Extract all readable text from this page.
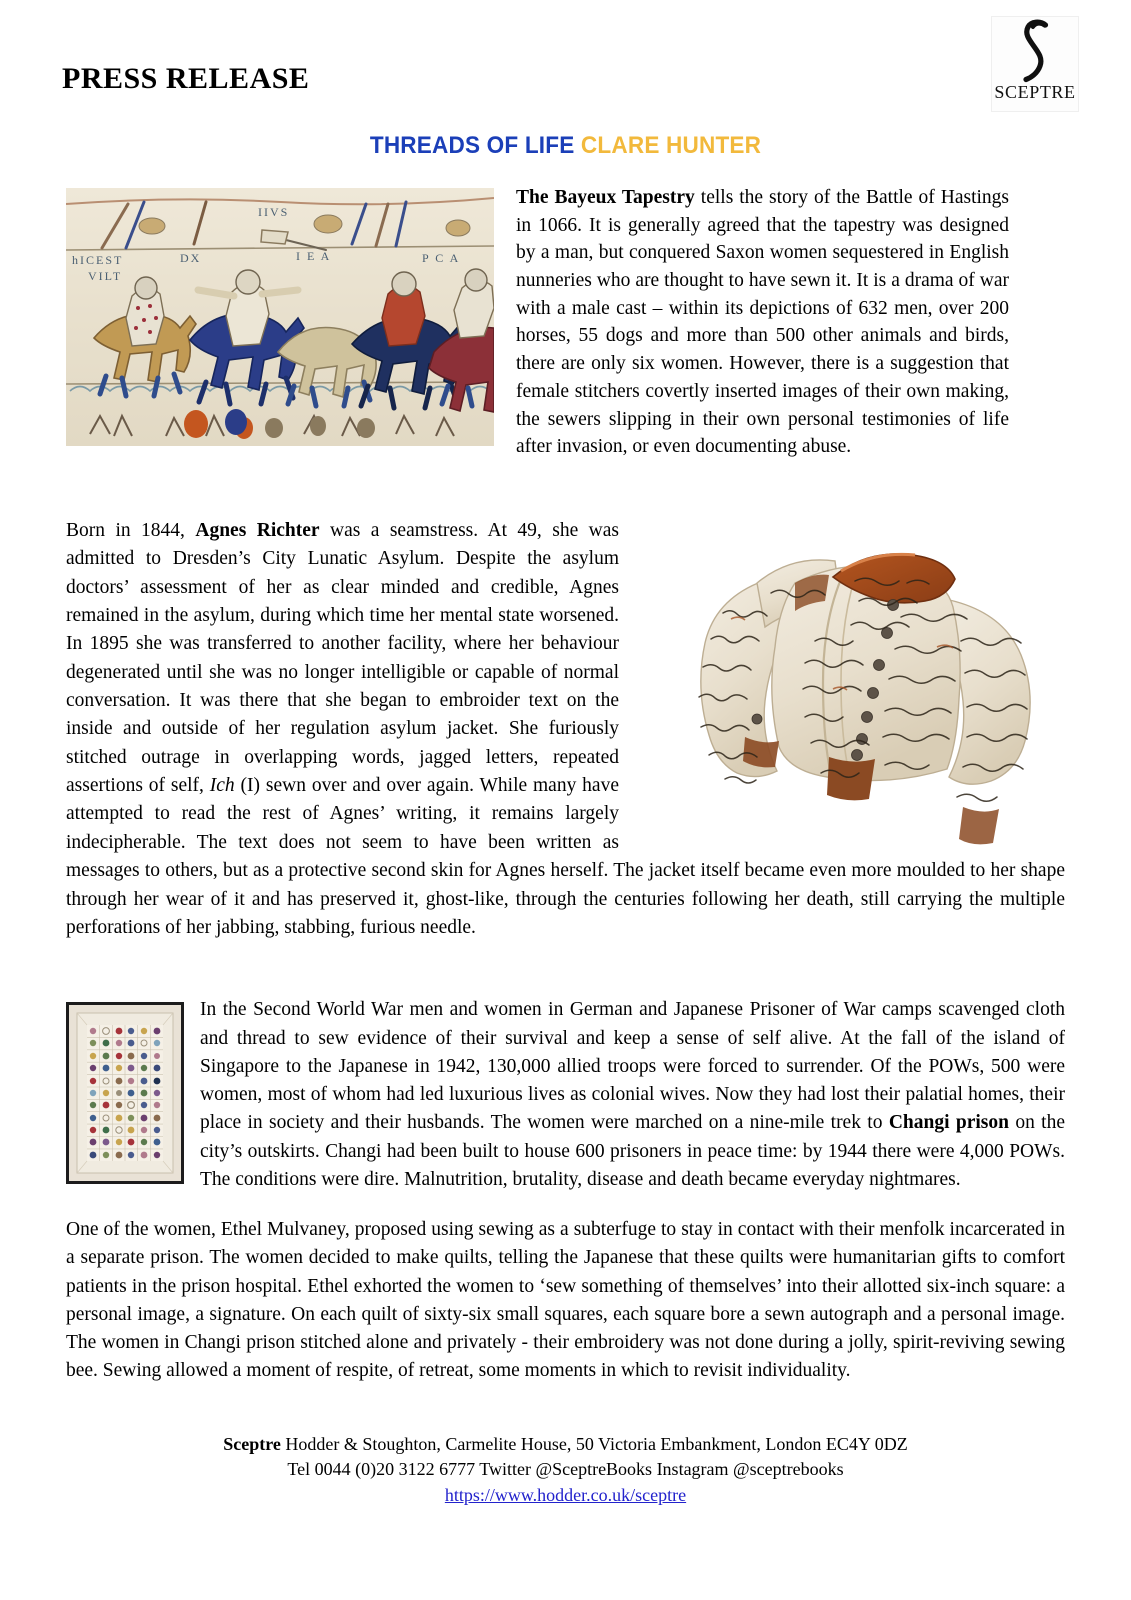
PRESS RELEASE	SCEPTRE
THREADS OF LIFE CLARE HUNTER
IIVS
hICEST
VILT
DX	I E A	P C A

The Bayeux Tapestry tells the story of the Battle of Hastings in 1066. It is generally agreed that the tapestry was designed by a man, but conquered Saxon women sequestered in English nunneries who are thought to have sewn it. It is a drama of war with a male cast – within its depictions of 632 men, over 200 horses, 55 dogs and more than 500 other animals and birds, there are only six women. However, there is a suggestion that female stitchers covertly inserted images of their own making, the sewers slipping in their own personal testimonies of life after invasion, or even documenting abuse.

Born in 1844, Agnes Richter was a seamstress. At 49, she was admitted to Dresden’s City Lunatic Asylum. Despite the asylum doctors’ assessment of her as clear minded and credible, Agnes remained in the asylum, during which time her mental state worsened. In 1895 she was transferred to another facility, where her behaviour degenerated until she was no longer intelligible or capable of normal conversation. It was there that she began to embroider text on the inside and outside of her regulation asylum jacket. She furiously stitched outrage in overlapping words, jagged letters, repeated assertions of self, Ich (I) sewn over and over again. While many have attempted to read the rest of Agnes’ writing, it remains largely indecipherable. The text does not seem to have been written as messages to others, but as a protective second skin for Agnes herself. The jacket itself became even more moulded to her shape through her wear of it and has preserved it, ghost-like, through the centuries following her death, still carrying the multiple perforations of her jabbing, stabbing, furious needle.

In the Second World War men and women in German and Japanese Prisoner of War camps scavenged cloth and thread to sew evidence of their survival and keep a sense of self alive. At the fall of the island of Singapore to the Japanese in 1942, 130,000 allied troops were forced to surrender. Of the POWs, 500 were women, most of whom had led luxurious lives as colonial wives. Now they had lost their palatial homes, their place in society and their husbands. The women were marched on a nine-mile trek to Changi prison on the city’s outskirts. Changi had been built to house 600 prisoners in peace time: by 1944 there were 4,000 POWs. The conditions were dire. Malnutrition, brutality, disease and death became everyday nightmares.

One of the women, Ethel Mulvaney, proposed using sewing as a subterfuge to stay in contact with their menfolk incarcerated in a separate prison. The women decided to make quilts, telling the Japanese that these quilts were humanitarian gifts to comfort patients in the prison hospital. Ethel exhorted the women to ‘sew something of themselves’ into their allotted six-inch square: a personal image, a signature. On each quilt of sixty-six small squares, each square bore a sewn autograph and a personal image. The women in Changi prison stitched alone and privately - their embroidery was not done during a jolly, spirit-reviving sewing bee. Sewing allowed a moment of respite, of retreat, some moments in which to revisit individuality.

Sceptre Hodder & Stoughton, Carmelite House, 50 Victoria Embankment, London EC4Y 0DZ
Tel 0044 (0)20 3122 6777 Twitter @SceptreBooks Instagram @sceptrebooks
https://www.hodder.co.uk/sceptre
